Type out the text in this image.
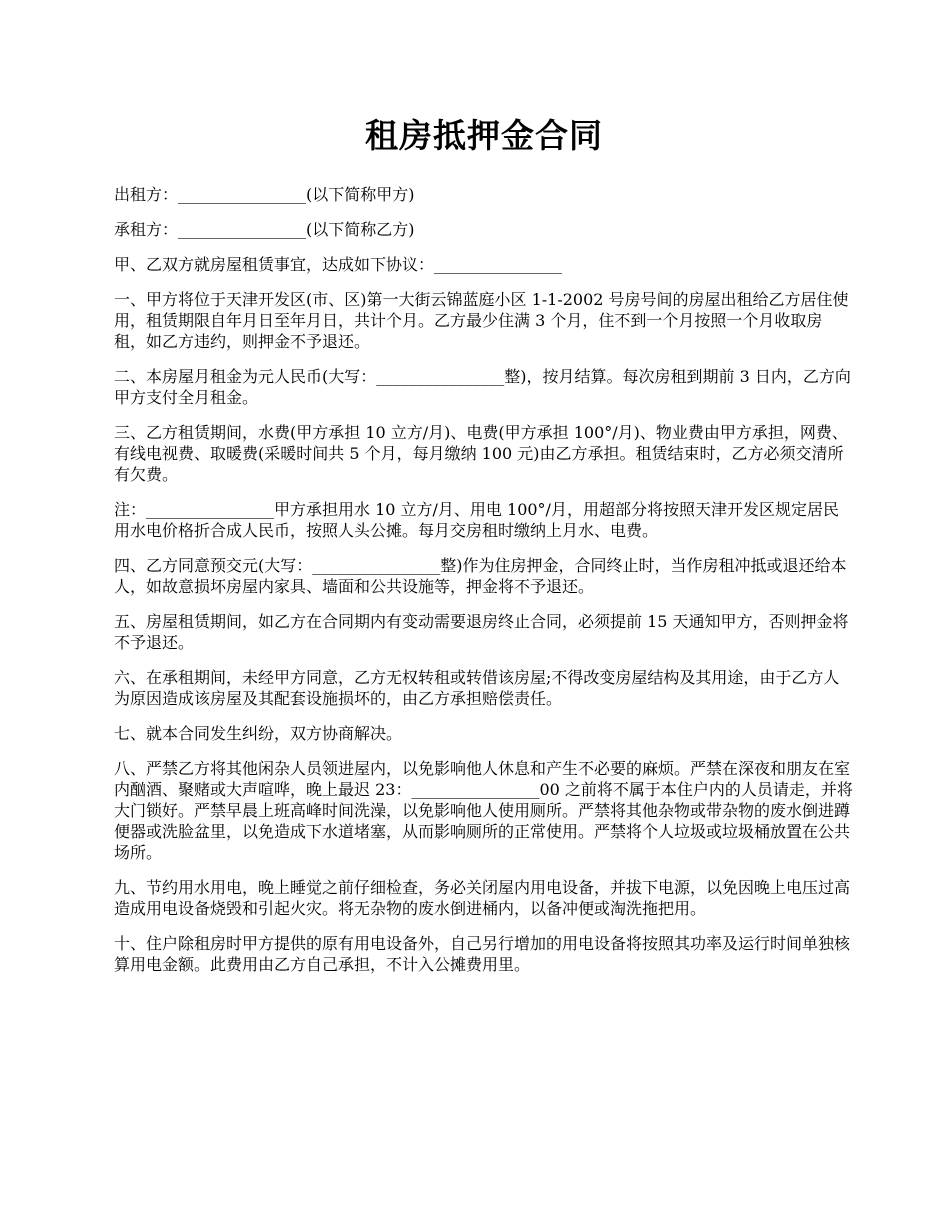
租房抵押金合同
出租方：________________(以下简称甲方)
承租方：________________(以下简称乙方)
甲、乙双方就房屋租赁事宜，达成如下协议：________________
一、甲方将位于天津开发区(市、区)第一大街云锦蓝庭小区 1-1-2002 号房号间的房屋出租给乙方居住使用，租赁期限自年月日至年月日，共计个月。乙方最少住满 3 个月，住不到一个月按照一个月收取房租，如乙方违约，则押金不予退还。
二、本房屋月租金为元人民币(大写：________________整)，按月结算。每次房租到期前 3 日内，乙方向甲方支付全月租金。
三、乙方租赁期间，水费(甲方承担 10 立方/月)、电费(甲方承担 100°/月)、物业费由甲方承担，网费、有线电视费、取暖费(采暖时间共 5 个月，每月缴纳 100 元)由乙方承担。租赁结束时，乙方必须交清所有欠费。
注：________________甲方承担用水 10 立方/月、用电 100°/月，用超部分将按照天津开发区规定居民用水电价格折合成人民币，按照人头公摊。每月交房租时缴纳上月水、电费。
四、乙方同意预交元(大写：________________整)作为住房押金，合同终止时，当作房租冲抵或退还给本人，如故意损坏房屋内家具、墙面和公共设施等，押金将不予退还。
五、房屋租赁期间，如乙方在合同期内有变动需要退房终止合同，必须提前 15 天通知甲方，否则押金将不予退还。
六、在承租期间，未经甲方同意，乙方无权转租或转借该房屋;不得改变房屋结构及其用途，由于乙方人为原因造成该房屋及其配套设施损坏的，由乙方承担赔偿责任。
七、就本合同发生纠纷，双方协商解决。
八、严禁乙方将其他闲杂人员领进屋内，以免影响他人休息和产生不必要的麻烦。严禁在深夜和朋友在室内酗酒、聚赌或大声喧哗，晚上最迟 23：________________00 之前将不属于本住户内的人员请走，并将大门锁好。严禁早晨上班高峰时间洗澡，以免影响他人使用厕所。严禁将其他杂物或带杂物的废水倒进蹲便器或洗脸盆里，以免造成下水道堵塞，从而影响厕所的正常使用。严禁将个人垃圾或垃圾桶放置在公共场所。
九、节约用水用电，晚上睡觉之前仔细检查，务必关闭屋内用电设备，并拔下电源，以免因晚上电压过高造成用电设备烧毁和引起火灾。将无杂物的废水倒进桶内，以备冲便或淘洗拖把用。
十、住户除租房时甲方提供的原有用电设备外，自己另行增加的用电设备将按照其功率及运行时间单独核算用电金额。此费用由乙方自己承担，不计入公摊费用里。
